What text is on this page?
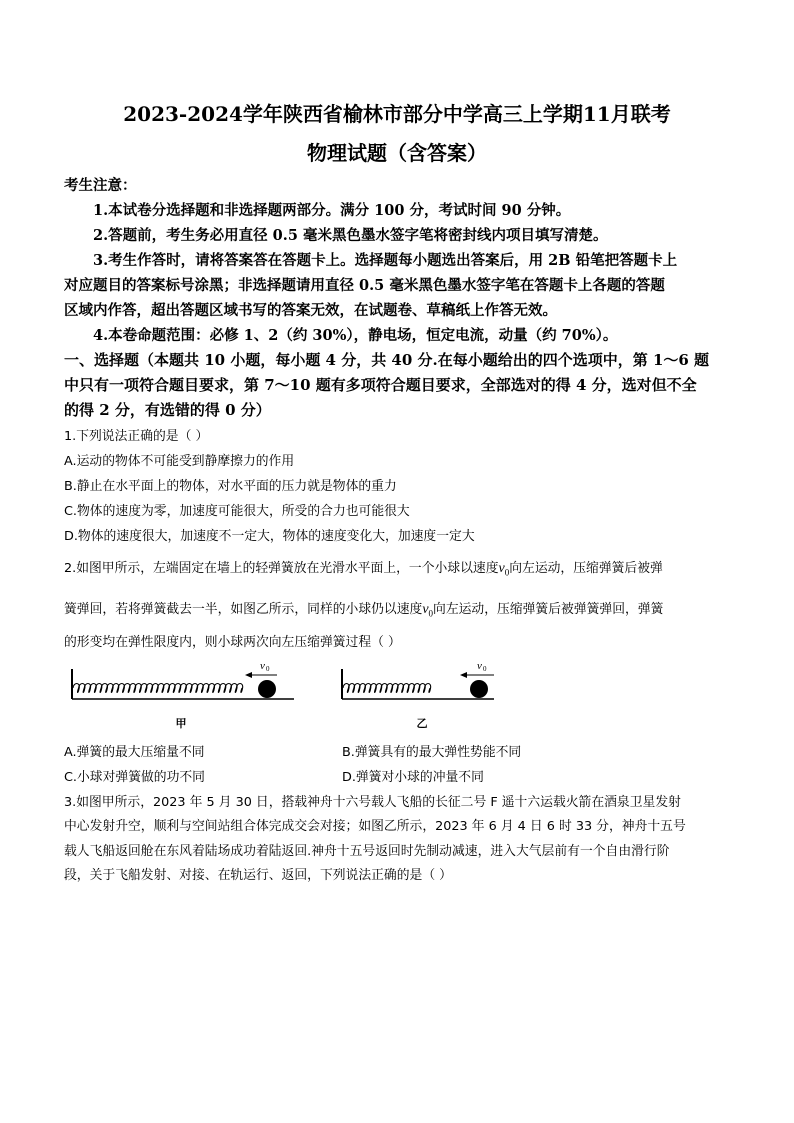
2023-2024学年陕西省榆林市部分中学高三上学期11月联考
物理试题（含答案）
考生注意：
1.本试卷分选择题和非选择题两部分。满分 100 分，考试时间 90 分钟。
2.答题前，考生务必用直径 0.5 毫米黑色墨水签字笔将密封线内项目填写清楚。
3.考生作答时，请将答案答在答题卡上。选择题每小题选出答案后，用 2B 铅笔把答题卡上
对应题目的答案标号涂黑；非选择题请用直径 0.5 毫米黑色墨水签字笔在答题卡上各题的答题
区域内作答，超出答题区域书写的答案无效，在试题卷、草稿纸上作答无效。
4.本卷命题范围：必修 1、2（约 30%），静电场，恒定电流，动量（约 70%）。
一、选择题（本题共 10 小题，每小题 4 分，共 40 分.在每小题给出的四个选项中，第 1～6 题
中只有一项符合题目要求，第 7～10 题有多项符合题目要求，全部选对的得 4 分，选对但不全
的得 2 分，有选错的得 0 分）
1.下列说法正确的是（ ）
A.运动的物体不可能受到静摩擦力的作用
B.静止在水平面上的物体，对水平面的压力就是物体的重力
C.物体的速度为零，加速度可能很大，所受的合力也可能很大
D.物体的速度很大，加速度不一定大，物体的速度变化大，加速度一定大
2.如图甲所示，左端固定在墙上的轻弹簧放在光滑水平面上，一个小球以速度$v_0$向左运动，压缩弹簧后被弹
簧弹回，若将弹簧截去一半，如图乙所示，同样的小球仍以速度$v_0$向左运动，压缩弹簧后被弹簧弹回，弹簧
的形变均在弹性限度内，则小球两次向左压缩弹簧过程（ ）
v 0
甲
v 0
乙
A.弹簧的最大压缩量不同	B.弹簧具有的最大弹性势能不同
C.小球对弹簧做的功不同	D.弹簧对小球的冲量不同
3.如图甲所示，2023 年 5 月 30 日，搭载神舟十六号载人飞船的长征二号 F 遥十六运载火箭在酒泉卫星发射
中心发射升空，顺利与空间站组合体完成交会对接；如图乙所示，2023 年 6 月 4 日 6 时 33 分，神舟十五号
载人飞船返回舱在东风着陆场成功着陆返回.神舟十五号返回时先制动减速，进入大气层前有一个自由滑行阶
段，关于飞船发射、对接、在轨运行、返回，下列说法正确的是（ ）
